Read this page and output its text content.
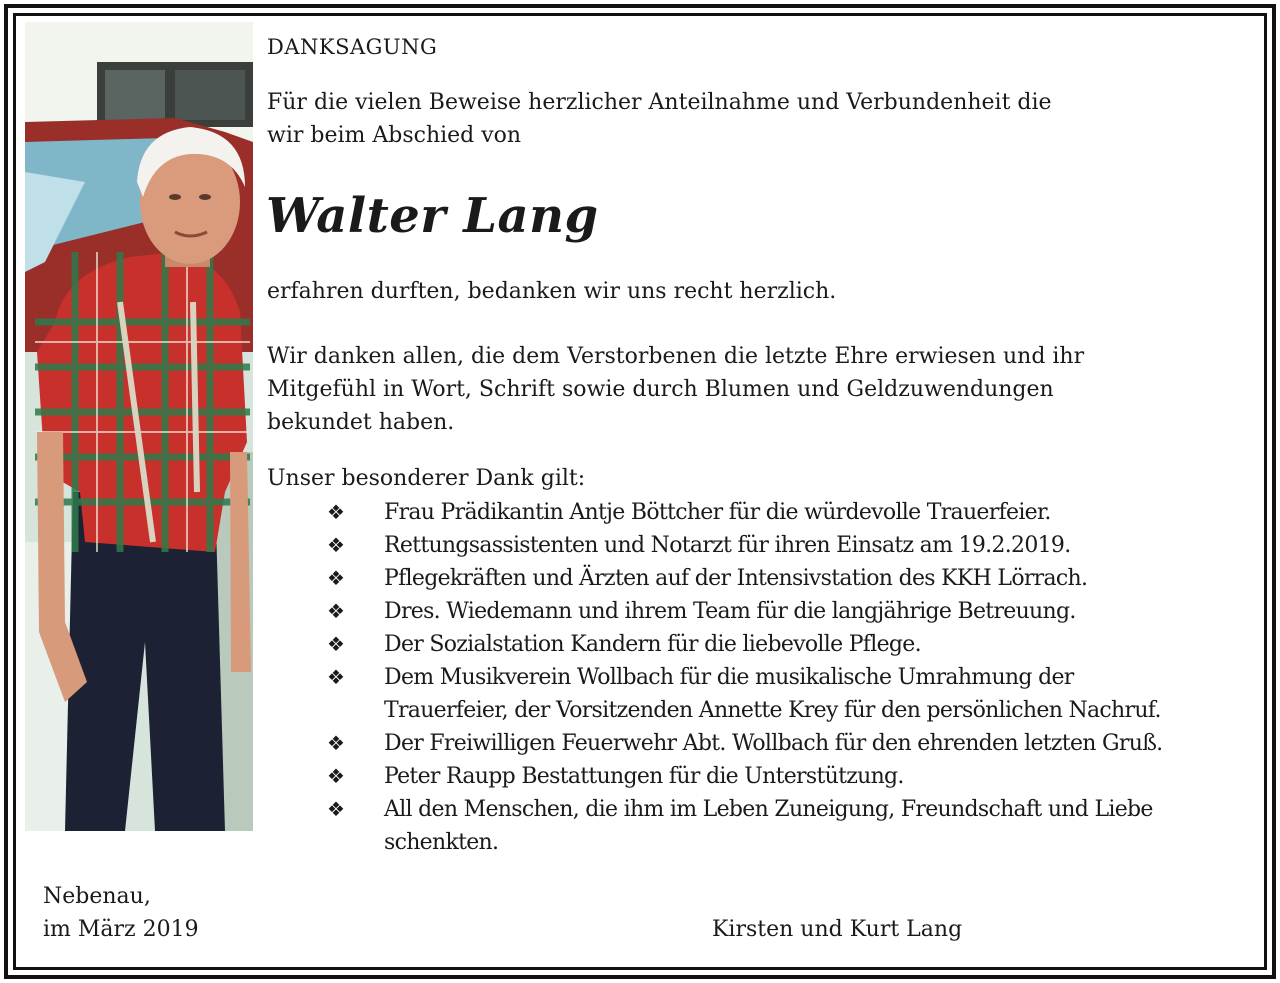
DANKSAGUNG

Für die vielen Beweise herzlicher Anteilnahme und Verbundenheit die
wir beim Abschied von

Walter Lang

erfahren durften, bedanken wir uns recht herzlich.

Wir danken allen, die dem Verstorbenen die letzte Ehre erwiesen und ihr
Mitgefühl in Wort, Schrift sowie durch Blumen und Geldzuwendungen
bekundet haben.

Unser besonderer Dank gilt:

❖	Frau Prädikantin Antje Böttcher für die würdevolle Trauerfeier.
❖	Rettungsassistenten und Notarzt für ihren Einsatz am 19.2.2019.
❖	Pflegekräften und Ärzten auf der Intensivstation des KKH Lörrach.
❖	Dres. Wiedemann und ihrem Team für die langjährige Betreuung.
❖	Der Sozialstation Kandern für die liebevolle Pflege.
❖	Dem Musikverein Wollbach für die musikalische Umrahmung der
Trauerfeier, der Vorsitzenden Annette Krey für den persönlichen Nachruf.
❖	Der Freiwilligen Feuerwehr Abt. Wollbach für den ehrenden letzten Gruß.
❖	Peter Raupp Bestattungen für die Unterstützung.
❖	All den Menschen, die ihm im Leben Zuneigung, Freundschaft und Liebe
schenkten.

Nebenau,
im März 2019	Kirsten und Kurt Lang
